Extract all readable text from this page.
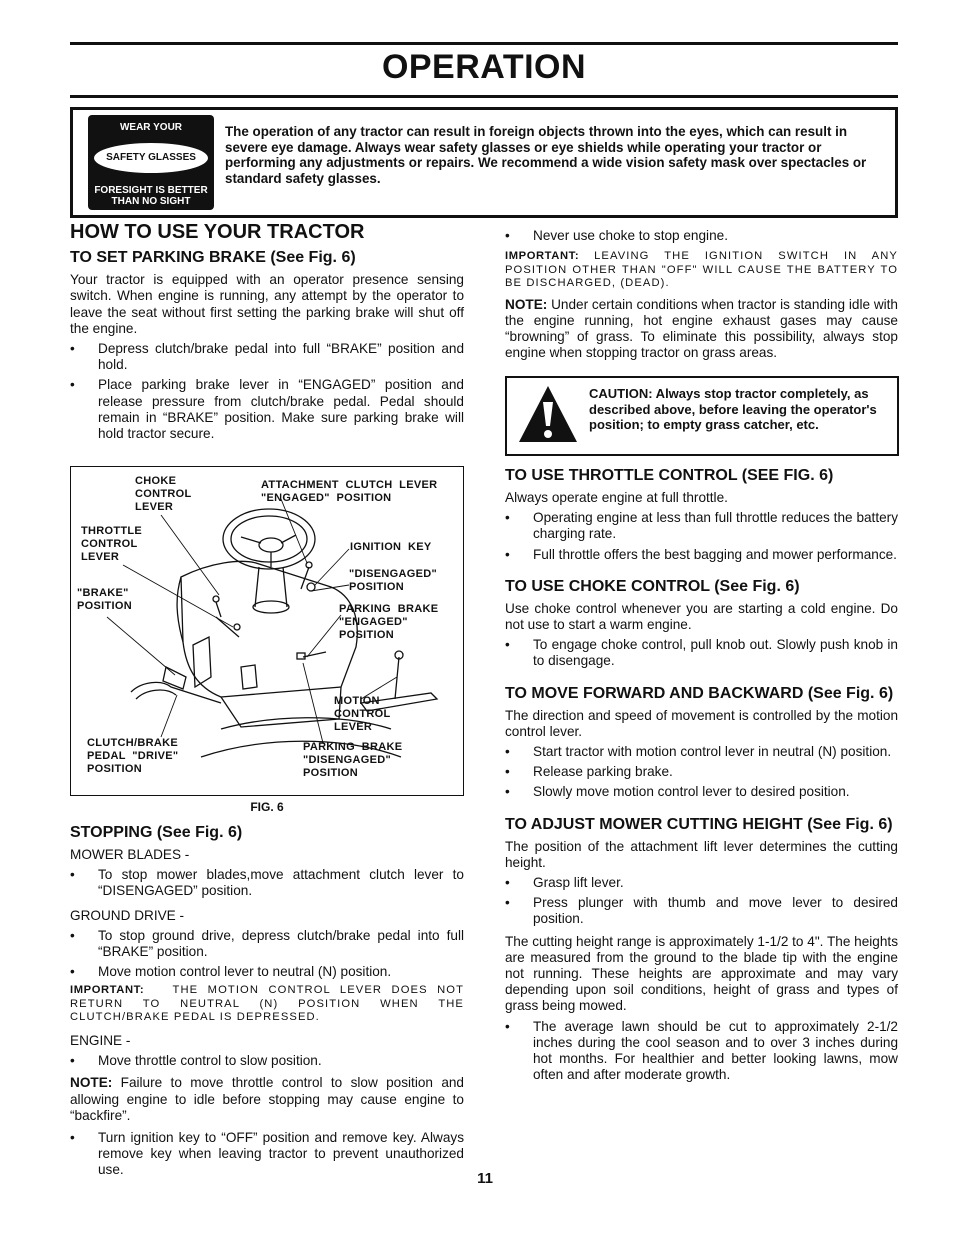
OPERATION
WEAR YOUR
SAFETY GLASSES
FORESIGHT IS BETTER
THAN NO SIGHT
The operation of any tractor can result in foreign objects thrown into the eyes, which can result in severe eye damage. Always wear safety glasses or eye shields while operating your tractor or performing any adjustments or repairs. We recommend a wide vision safety mask over spectacles or standard safety glasses.
HOW TO USE YOUR TRACTOR
TO SET PARKING BRAKE (See Fig. 6)
Your tractor is equipped with an operator presence sensing switch. When engine is running, any attempt by the operator to leave the seat without first setting the parking brake will shut off the engine.
•	Depress clutch/brake pedal into full “BRAKE” position and hold.
•	Place parking brake lever in “ENGAGED” position and release pressure from clutch/brake pedal. Pedal should remain in “BRAKE” position. Make sure parking brake will hold tractor secure.
CHOKE
CONTROL
LEVER
ATTACHMENT  CLUTCH  LEVER
"ENGAGED"  POSITION
THROTTLE
CONTROL
LEVER
IGNITION  KEY
"DISENGAGED"
POSITION
"BRAKE"
POSITION	PARKING  BRAKE
"ENGAGED"
POSITION
MOTION
CONTROL
LEVER
CLUTCH/BRAKE
PEDAL  "DRIVE"
POSITION
PARKING  BRAKE
"DISENGAGED"
POSITION
FIG. 6
STOPPING (See Fig. 6)
MOWER BLADES -
•	To stop mower blades,move attachment clutch lever to “DISENGAGED” position.
GROUND DRIVE -
•	To stop ground drive, depress clutch/brake pedal into full “BRAKE” position.
•	Move motion control lever to neutral (N) position.
IMPORTANT:	THE MOTION CONTROL LEVER DOES NOT RETURN TO NEUTRAL (N) POSITION WHEN THE CLUTCH/BRAKE PEDAL IS DEPRESSED.
ENGINE -
•	Move throttle control to slow position.
NOTE: Failure to move throttle control to slow position and allowing engine to idle before stopping may cause engine to “backfire”.
•	Turn ignition key to “OFF” position and remove key. Always remove key when leaving tractor to prevent unauthorized use.
•	Never use choke to stop engine.
IMPORTANT: LEAVING THE IGNITION SWITCH IN ANY POSITION OTHER THAN "OFF" WILL CAUSE THE BATTERY TO BE DISCHARGED, (DEAD).
NOTE: Under certain conditions when tractor is standing idle with the engine running, hot engine exhaust gases may cause “browning” of grass. To eliminate this possibility, always stop engine when stopping tractor on grass areas.
CAUTION: Always stop tractor completely, as described above, before leaving the operator's position; to empty grass catcher, etc.
TO USE THROTTLE CONTROL (SEE FIG. 6)
Always operate engine at full throttle.
•	Operating engine at less than full throttle reduces the battery charging rate.
•	Full throttle offers the best bagging and mower performance.
TO USE CHOKE CONTROL (See Fig. 6)
Use choke control whenever you are starting a cold engine. Do not use to start a warm engine.
•	To engage choke control, pull knob out. Slowly push knob in to disengage.
TO MOVE FORWARD AND BACKWARD (See Fig. 6)
The direction and speed of movement is controlled by the motion control lever.
•	Start tractor with motion control lever in neutral (N) position.
•	Release parking brake.
•	Slowly move motion control lever to desired position.
TO ADJUST MOWER CUTTING HEIGHT (See Fig. 6)
The position of the attachment lift lever determines the cutting height.
•	Grasp lift lever.
•	Press plunger with thumb and move lever to desired position.
The cutting height range is approximately 1-1/2 to 4". The heights are measured from the ground to the blade tip with the engine not running. These heights are approximate and may vary depending upon soil conditions, height of grass and types of grass being mowed.
•	The average lawn should be cut to approximately 2-1/2 inches during the cool season and to over 3 inches during hot months. For healthier and better looking lawns, mow often and after moderate growth.
11
